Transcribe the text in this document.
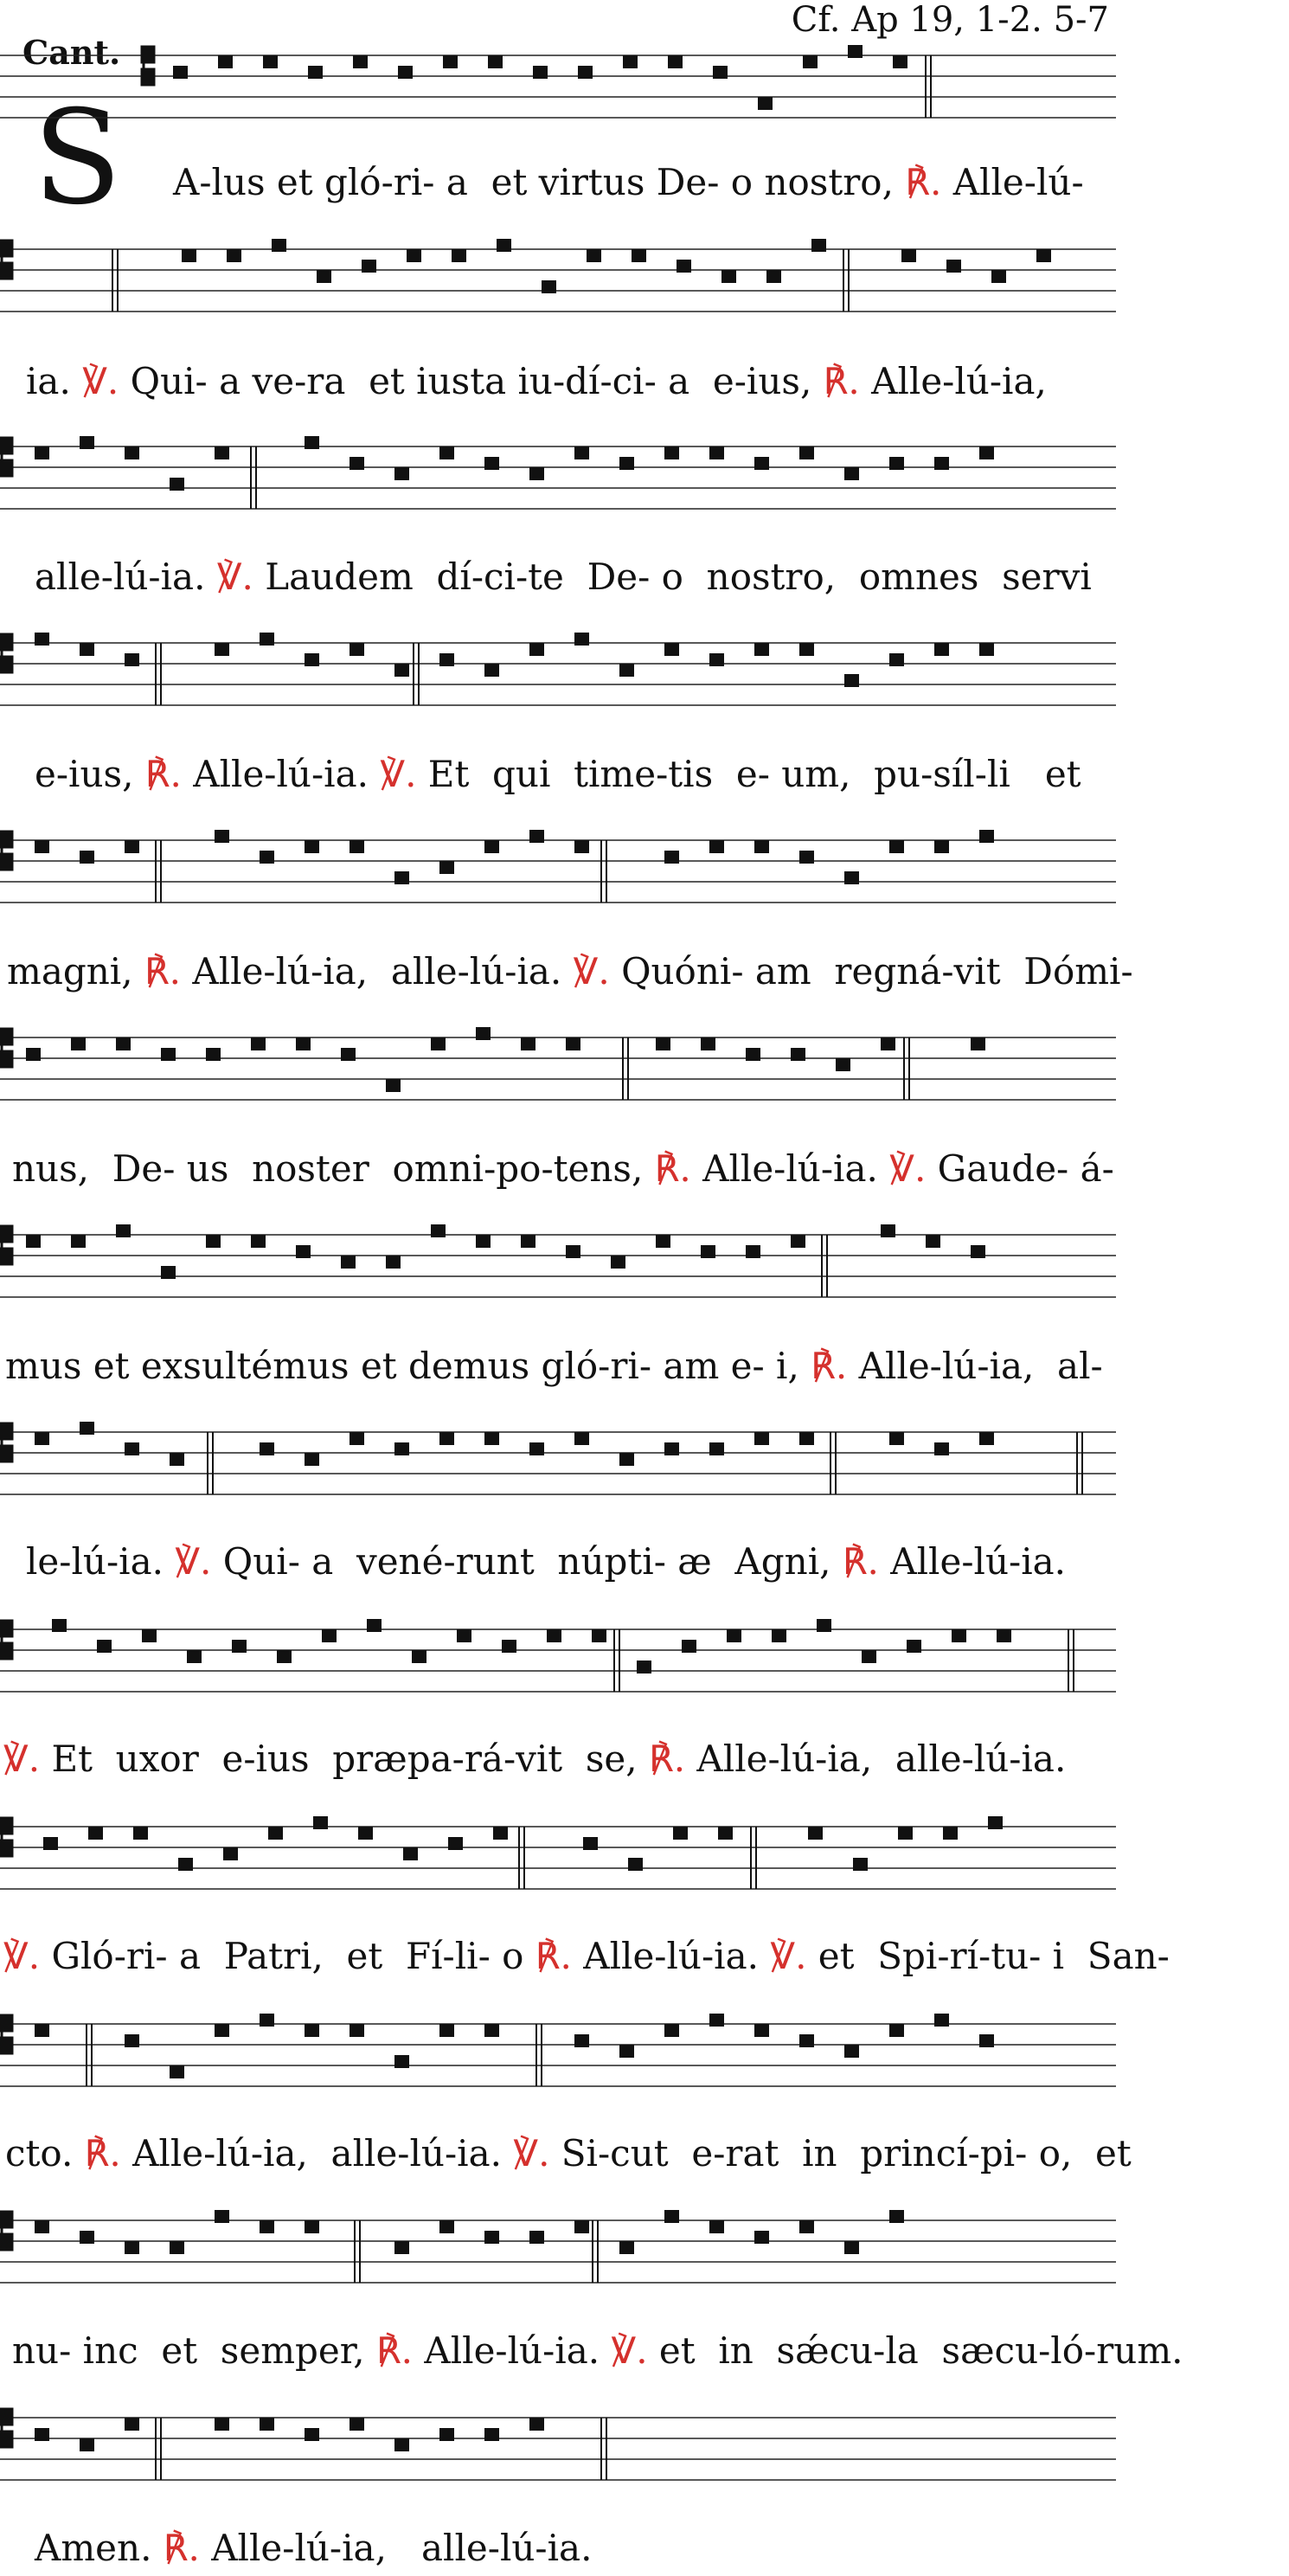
Cant.
Cf. Ap 19, 1-2. 5-7
S	A-lus et gló-ri- a  et virtus De- o nostro, ℟. Alle-lú-
ia. ℣. Qui- a ve-ra  et iusta iu-dí-ci- a  e-ius, ℟. Alle-lú-ia,
alle-lú-ia. ℣. Laudem  dí-ci-te  De- o  nostro,  omnes  servi
e-ius, ℟. Alle-lú-ia. ℣. Et  qui  time-tis  e- um,  pu-síl-li   et
magni, ℟. Alle-lú-ia,  alle-lú-ia. ℣. Quóni- am  regná-vit  Dómi-
nus,  De- us  noster  omni-po-tens, ℟. Alle-lú-ia. ℣. Gaude- á-
mus et exsultémus et demus gló-ri- am e- i, ℟. Alle-lú-ia,  al-
le-lú-ia. ℣. Qui- a  vené-runt  núpti- æ  Agni, ℟. Alle-lú-ia.
℣. Et  uxor  e-ius  præpa-rá-vit  se, ℟. Alle-lú-ia,  alle-lú-ia.
℣. Gló-ri- a  Patri,  et  Fí-li- o ℟. Alle-lú-ia. ℣. et  Spi-rí-tu- i  San-
cto. ℟. Alle-lú-ia,  alle-lú-ia. ℣. Si-cut  e-rat  in  princí-pi- o,  et
nu- inc  et  semper, ℟. Alle-lú-ia. ℣. et  in  sǽcu-la  sæcu-ló-rum.
Amen. ℟. Alle-lú-ia,   alle-lú-ia.
